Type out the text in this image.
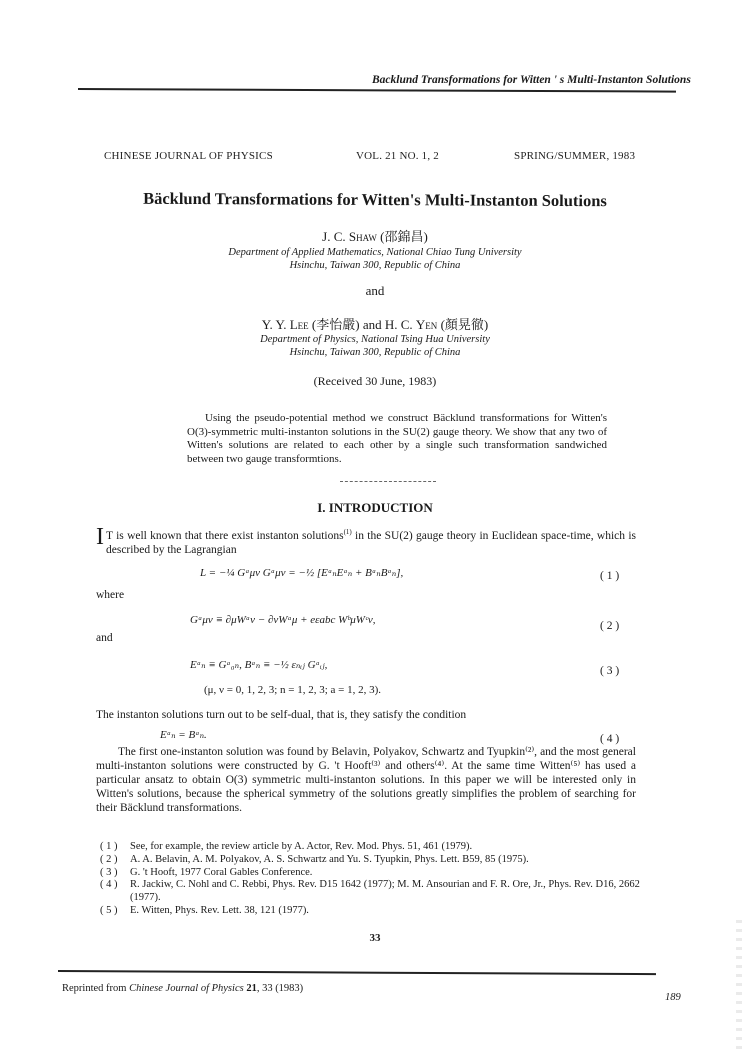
Backlund Transformations for Witten ' s Multi-Instanton Solutions
CHINESE JOURNAL OF PHYSICS	VOL. 21 NO. 1, 2	SPRING/SUMMER, 1983
Bäcklund Transformations for Witten's Multi-Instanton Solutions
J. C. Shaw (邵錦昌)
Department of Applied Mathematics, National Chiao Tung University
Hsinchu, Taiwan 300, Republic of China
and
Y. Y. Lee (李怡嚴) and H. C. Yen (顏晃徹)
Department of Physics, National Tsing Hua University
Hsinchu, Taiwan 300, Republic of China
(Received 30 June, 1983)

Using the pseudo-potential method we construct Bäcklund transformations for Witten's O(3)-symmetric multi-instanton solutions in the SU(2) gauge theory. We show that any two of Witten's solutions are related to each other by a single such transformation sandwiched between two gauge transformtions.

I. INTRODUCTION
I T is well known that there exist instanton solutions$^{(1)}$ in the SU(2) gauge theory in Euclidean space-time, which is described by the Lagrangian
L = −¼ Gᵃμν Gᵃμν = −½ [EᵃₙEᵃₙ + BᵃₙBᵃₙ],	( 1 )
where
Gᵃμν ≡ ∂μWᵃν − ∂νWᵃμ + eεabc WᵇμWᶜν,	( 2 )
and
Eᵃₙ ≡ Gᵃ₀ₙ, Bᵃₙ ≡ −½ εₙᵢⱼ Gᵃᵢⱼ,	( 3 )
(μ, ν = 0, 1, 2, 3; n = 1, 2, 3; a = 1, 2, 3).
The instanton solutions turn out to be self-dual, that is, they satisfy the condition
Eᵃₙ = Bᵃₙ.	( 4 )
The first one-instanton solution was found by Belavin, Polyakov, Schwartz and Tyupkin⁽²⁾, and the most general multi-instanton solutions were constructed by G. 't Hooft⁽³⁾ and others⁽⁴⁾. At the same time Witten⁽⁵⁾ has used a particular ansatz to obtain O(3) symmetric multi-instanton solutions. In this paper we will be interested only in Witten's solutions, because the spherical symmetry of the solutions greatly simplifies the problem of searching for their Bäcklund transformations.
( 1 )	See, for example, the review article by A. Actor, Rev. Mod. Phys. 51, 461 (1979).
( 2 )	A. A. Belavin, A. M. Polyakov, A. S. Schwartz and Yu. S. Tyupkin, Phys. Lett. B59, 85 (1975).
( 3 )	G. 't Hooft, 1977 Coral Gables Conference.
( 4 )	R. Jackiw, C. Nohl and C. Rebbi, Phys. Rev. D15 1642 (1977); M. M. Ansourian and F. R. Ore, Jr., Phys. Rev. D16, 2662 (1977).
( 5 )	E. Witten, Phys. Rev. Lett. 38, 121 (1977).
33
Reprinted from Chinese Journal of Physics 21, 33 (1983)
189
